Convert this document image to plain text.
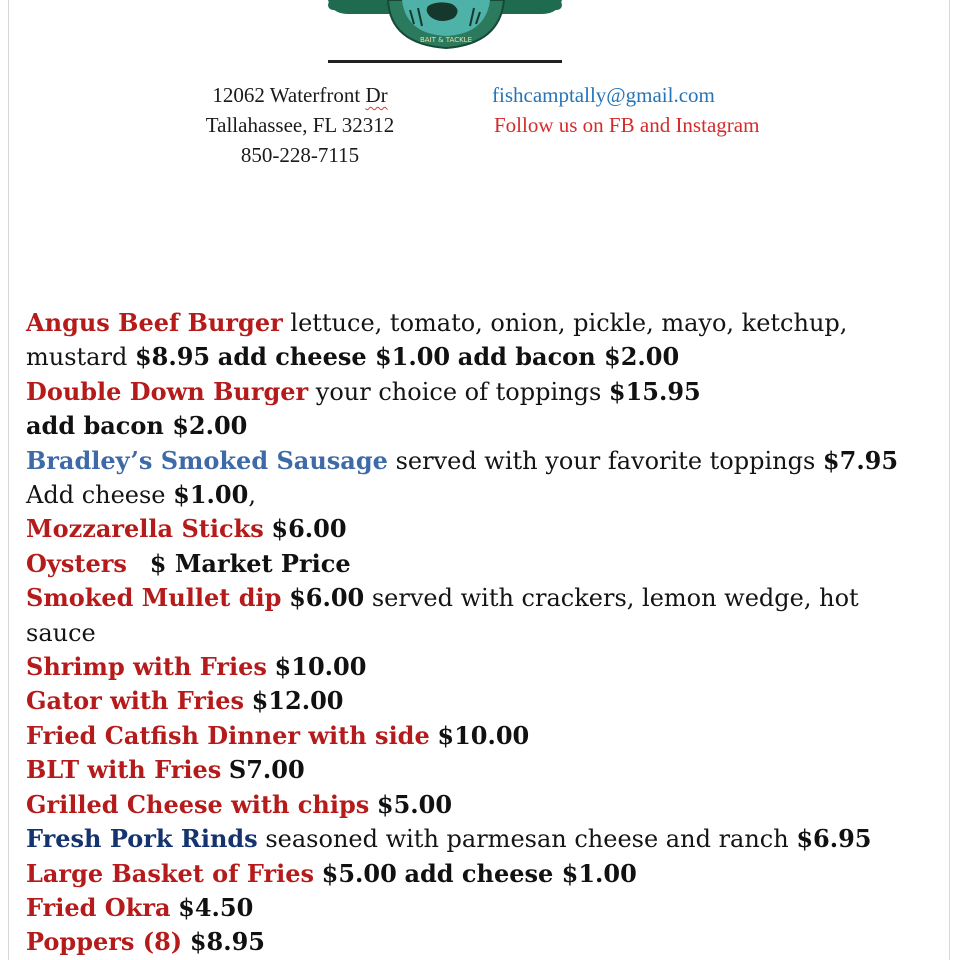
BAIT & TACKLE
12062 Waterfront Dr
Tallahassee, FL 32312
850-228-7115
fishcamptally@gmail.com
Follow us on FB and Instagram
Angus Beef Burger lettuce, tomato, onion, pickle, mayo, ketchup,
mustard $8.95 add cheese $1.00 add bacon $2.00
Double Down Burger your choice of toppings $15.95
add bacon $2.00
Bradley’s Smoked Sausage served with your favorite toppings $7.95
Add cheese $1.00,
Mozzarella Sticks $6.00
Oysters $ Market Price
Smoked Mullet dip $6.00 served with crackers, lemon wedge, hot
sauce
Shrimp with Fries $10.00
Gator with Fries $12.00
Fried Catfish Dinner with side $10.00
BLT with Fries S7.00
Grilled Cheese with chips $5.00
Fresh Pork Rinds seasoned with parmesan cheese and ranch $6.95
Large Basket of Fries $5.00 add cheese $1.00
Fried Okra $4.50
Poppers (8) $8.95
